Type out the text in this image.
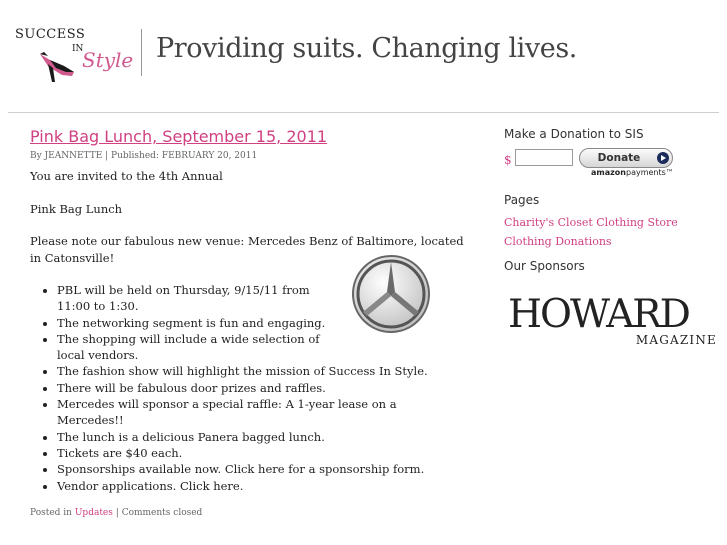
SUCCESS
IN
Style Providing suits. Changing lives.
Pink Bag Lunch, September 15, 2011
By JEANNETTE | Published: FEBRUARY 20, 2011
You are invited to the 4th Annual
Pink Bag Lunch
Please note our fabulous new venue: Mercedes Benz of Baltimore, located in Catonsville!
• PBL will be held on Thursday, 9/15/11 from 11:00 to 1:30.
• The networking segment is fun and engaging.
• The shopping will include a wide selection of local vendors.
• The fashion show will highlight the mission of Success In Style.
• There will be fabulous door prizes and raffles.
• Mercedes will sponsor a special raffle: A 1-year lease on a Mercedes!!
• The lunch is a delicious Panera bagged lunch.
• Tickets are $40 each.
• Sponsorships available now. Click here for a sponsorship form.
• Vendor applications. Click here.
Posted in Updates | Comments closed
Make a Donation to SIS
$	Donate
amazonpayments™
Pages
Charity's Closet Clothing Store
Clothing Donations
Our Sponsors
HOWARD
MAGAZINE
